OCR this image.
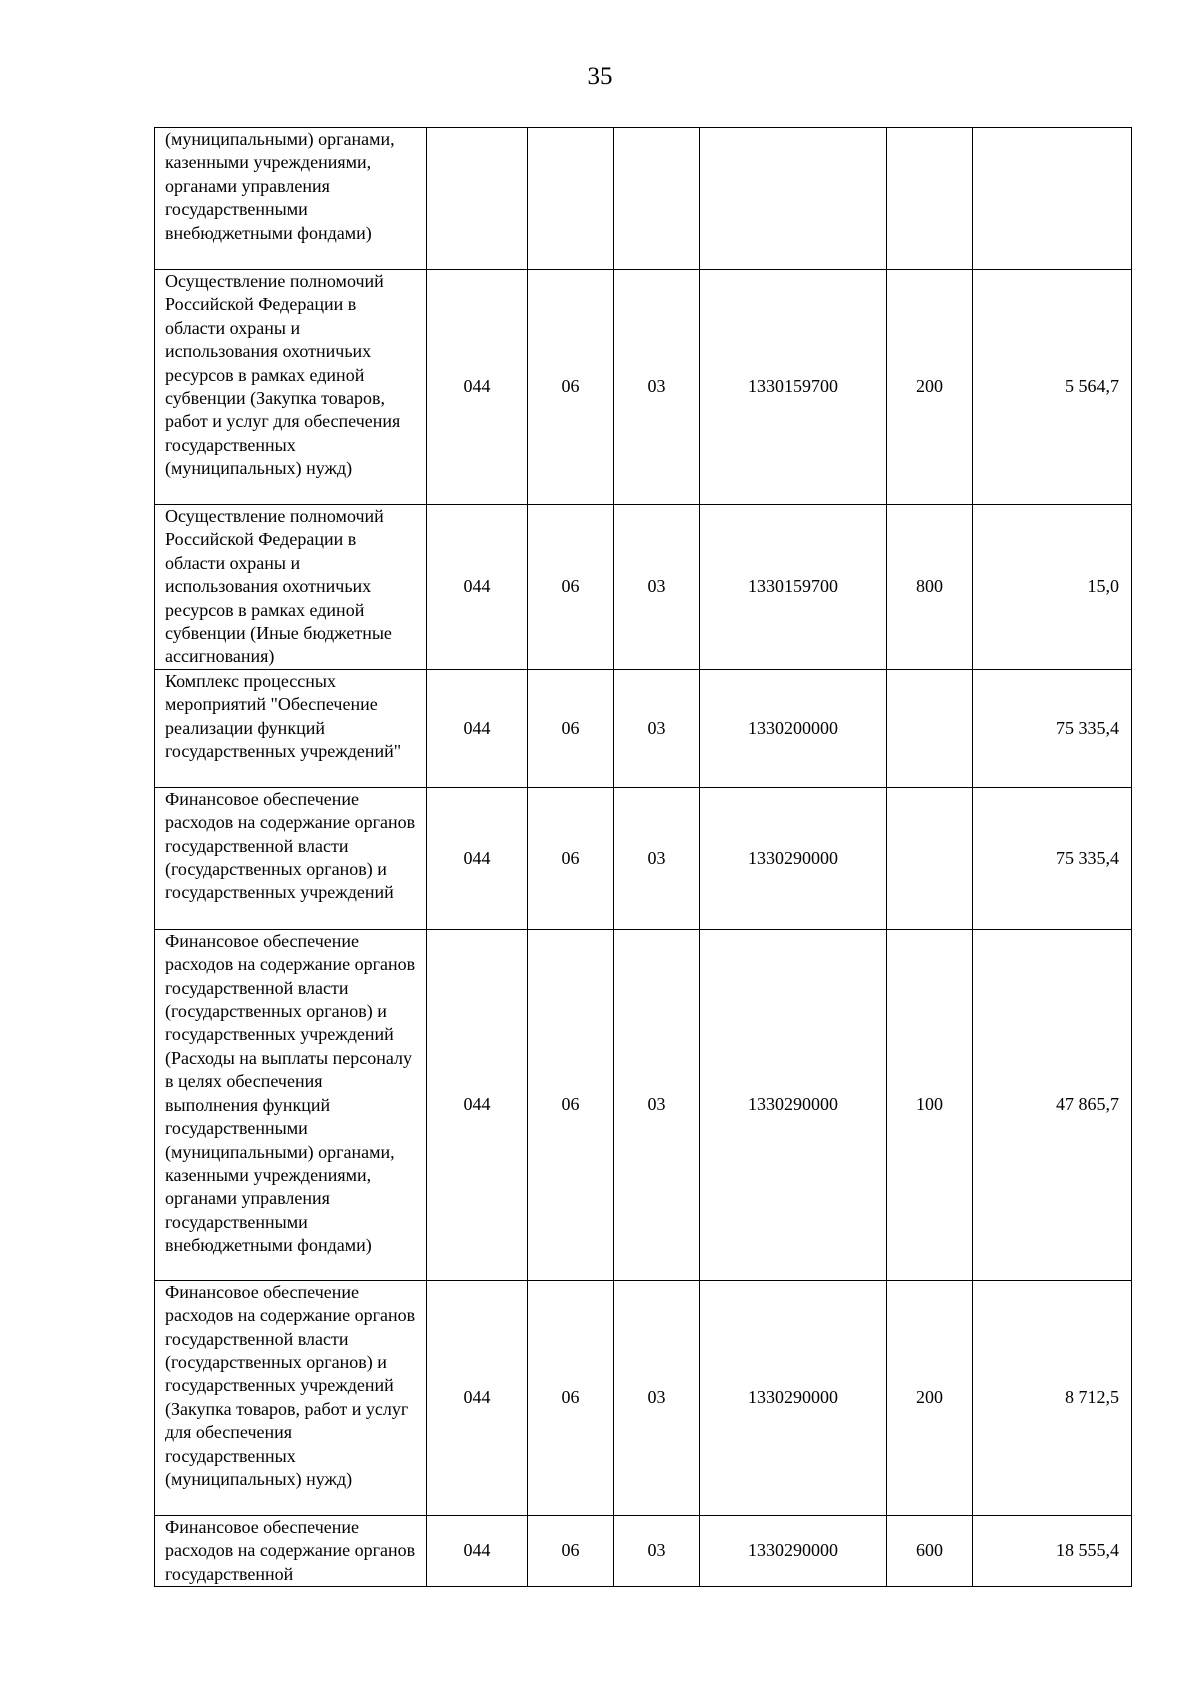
35
(муниципальными) органами, казенными учреждениями, органами управления государственными внебюджетными фондами)						
Осуществление полномочий Российской Федерации в области охраны и использования охотничьих ресурсов в рамках единой субвенции (Закупка товаров, работ и услуг для обеспечения государственных (муниципальных) нужд)	044	06	03	1330159700	200	5 564,7
Осуществление полномочий Российской Федерации в области охраны и использования охотничьих ресурсов в рамках единой субвенции (Иные бюджетные ассигнования)	044	06	03	1330159700	800	15,0
Комплекс процессных мероприятий "Обеспечение реализации функций государственных учреждений"	044	06	03	1330200000		75 335,4
Финансовое обеспечение расходов на содержание органов государственной власти (государственных органов) и государственных учреждений	044	06	03	1330290000		75 335,4
Финансовое обеспечение расходов на содержание органов государственной власти (государственных органов) и государственных учреждений (Расходы на выплаты персоналу в целях обеспечения выполнения функций государственными (муниципальными) органами, казенными учреждениями, органами управления государственными внебюджетными фондами)	044	06	03	1330290000	100	47 865,7
Финансовое обеспечение расходов на содержание органов государственной власти (государственных органов) и государственных учреждений (Закупка товаров, работ и услуг для обеспечения государственных (муниципальных) нужд)	044	06	03	1330290000	200	8 712,5
Финансовое обеспечение расходов на содержание органов государственной	044	06	03	1330290000	600	18 555,4
